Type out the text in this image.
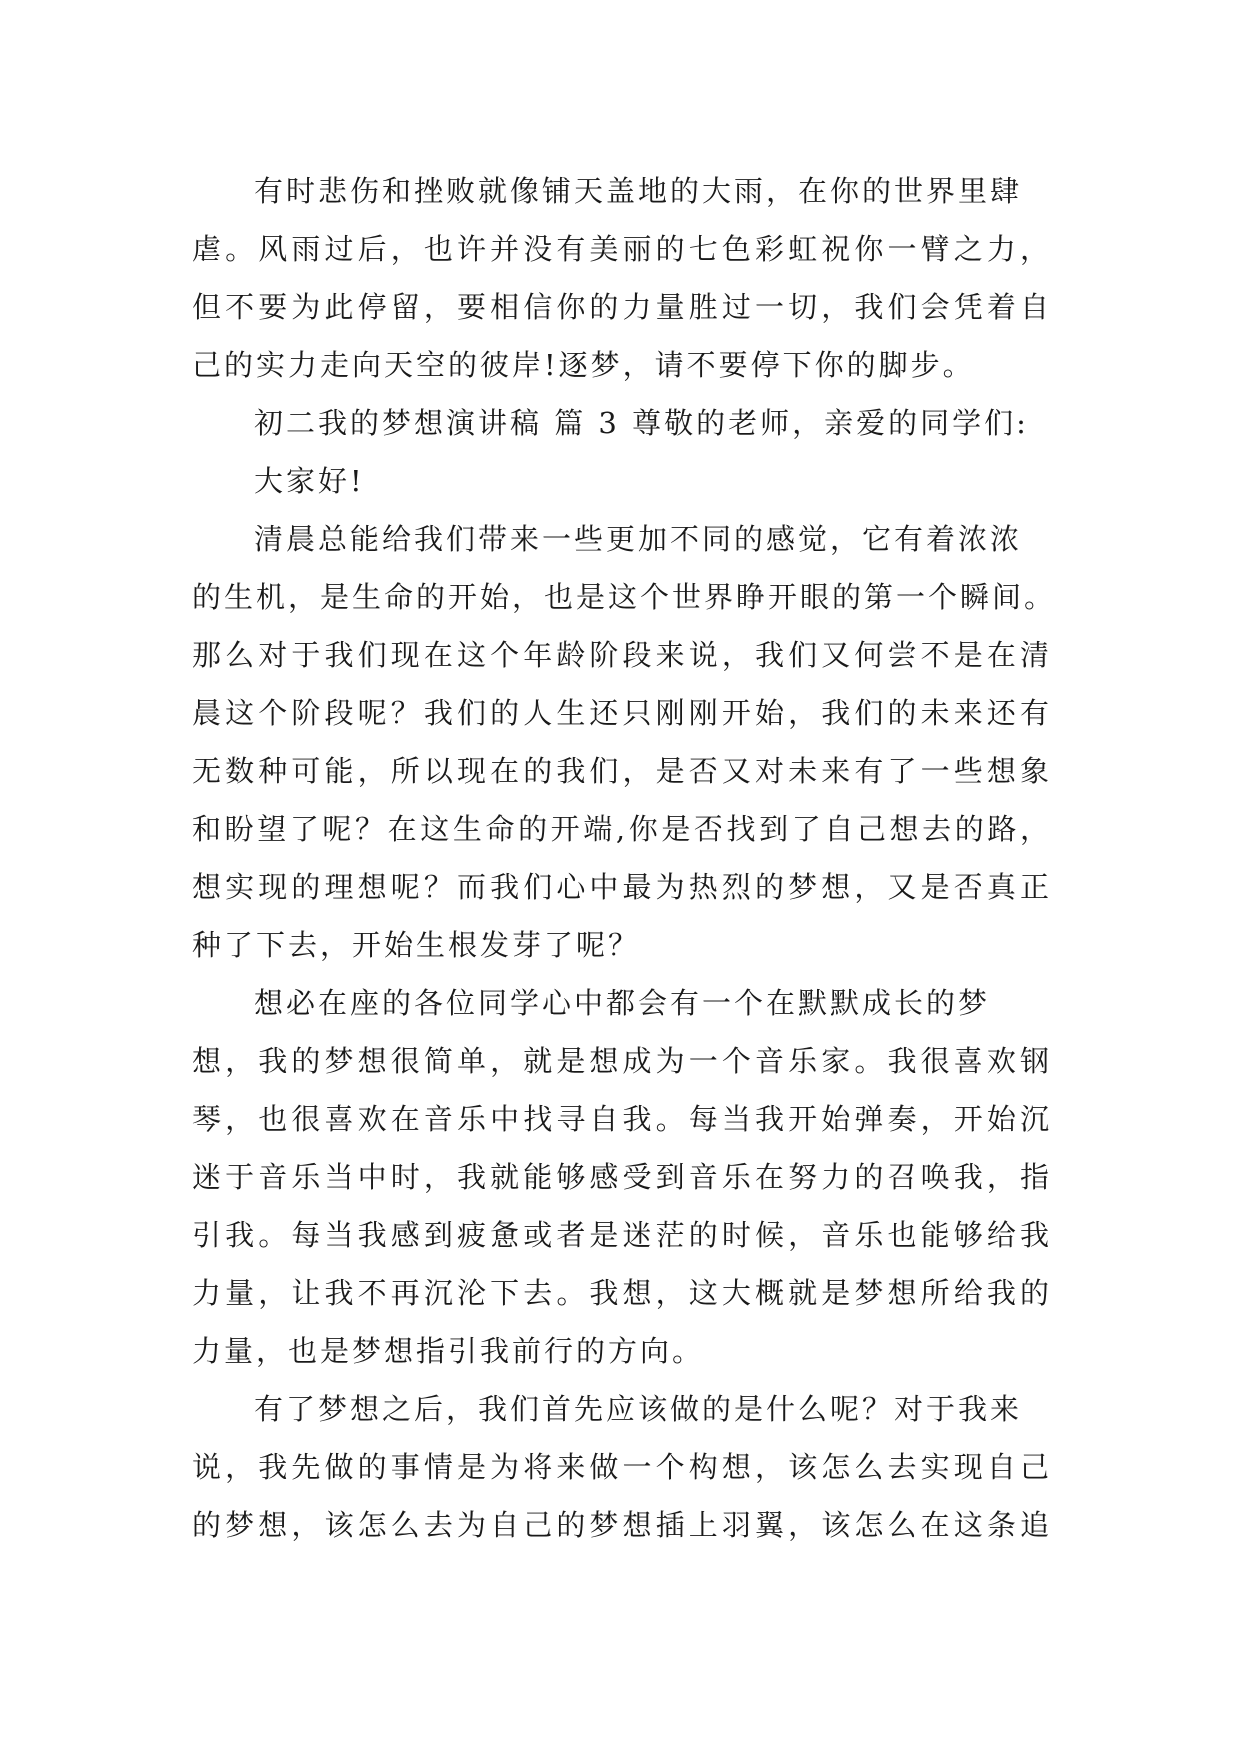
有时悲伤和挫败就像铺天盖地的大雨，在你的世界里肆
虐。风雨过后，也许并没有美丽的七色彩虹祝你一臂之力，
但不要为此停留，要相信你的力量胜过一切，我们会凭着自
己的实力走向天空的彼岸!逐梦，请不要停下你的脚步。
初二我的梦想演讲稿 篇 3 尊敬的老师，亲爱的同学们:
大家好!
清晨总能给我们带来一些更加不同的感觉，它有着浓浓
的生机，是生命的开始，也是这个世界睁开眼的第一个瞬间。
那么对于我们现在这个年龄阶段来说，我们又何尝不是在清
晨这个阶段呢？我们的人生还只刚刚开始，我们的未来还有
无数种可能，所以现在的我们，是否又对未来有了一些想象
和盼望了呢？在这生命的开端,你是否找到了自己想去的路，
想实现的理想呢？而我们心中最为热烈的梦想，又是否真正
种了下去，开始生根发芽了呢？
想必在座的各位同学心中都会有一个在默默成长的梦
想，我的梦想很简单，就是想成为一个音乐家。我很喜欢钢
琴，也很喜欢在音乐中找寻自我。每当我开始弹奏，开始沉
迷于音乐当中时，我就能够感受到音乐在努力的召唤我，指
引我。每当我感到疲惫或者是迷茫的时候，音乐也能够给我
力量，让我不再沉沦下去。我想，这大概就是梦想所给我的
力量，也是梦想指引我前行的方向。
有了梦想之后，我们首先应该做的是什么呢？对于我来
说，我先做的事情是为将来做一个构想，该怎么去实现自己
的梦想，该怎么去为自己的梦想插上羽翼，该怎么在这条追
